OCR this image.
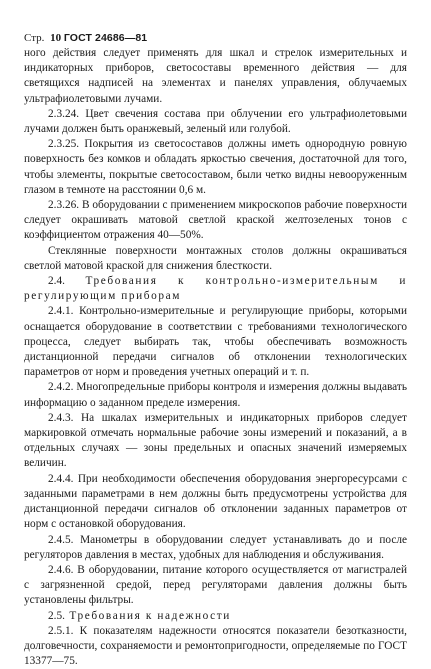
Стр. 10 ГОСТ 24686—81

ного действия следует применять для шкал и стрелок измерительных и индикаторных приборов, светосоставы временного действия — для светящихся надписей на элементах и панелях управления, облучаемых ультрафиолетовыми лучами.

2.3.24. Цвет свечения состава при облучении его ультрафиолетовыми лучами должен быть оранжевый, зеленый или голубой.

2.3.25. Покрытия из светосоставов должны иметь однородную ровную поверхность без комков и обладать яркостью свечения, достаточной для того, чтобы элементы, покрытые светосоставом, были четко видны невооруженным глазом в темноте на расстоянии 0,6 м.

2.3.26. В оборудовании с применением микроскопов рабочие поверхности следует окрашивать матовой светлой краской желтозеленых тонов с коэффициентом отражения 40—50%.

Стеклянные поверхности монтажных столов должны окрашиваться светлой матовой краской для снижения блесткости.

2.4. Требования к контрольно-измерительным и регулирующим приборам

2.4.1. Контрольно-измерительные и регулирующие приборы, которыми оснащается оборудование в соответствии с требованиями технологического процесса, следует выбирать так, чтобы обеспечивать возможность дистанционной передачи сигналов об отклонении технологических параметров от норм и проведения учетных операций и т. п.

2.4.2. Многопредельные приборы контроля и измерения должны выдавать информацию о заданном пределе измерения.

2.4.3. На шкалах измерительных и индикаторных приборов следует маркировкой отмечать нормальные рабочие зоны измерений и показаний, а в отдельных случаях — зоны предельных и опасных значений измеряемых величин.

2.4.4. При необходимости обеспечения оборудования энергоресурсами с заданными параметрами в нем должны быть предусмотрены устройства для дистанционной передачи сигналов об отклонении заданных параметров от норм с остановкой оборудования.

2.4.5. Манометры в оборудовании следует устанавливать до и после регуляторов давления в местах, удобных для наблюдения и обслуживания.

2.4.6. В оборудовании, питание которого осуществляется от магистралей с загрязненной средой, перед регуляторами давления должны быть установлены фильтры.

2.5. Требования к надежности

2.5.1. К показателям надежности относятся показатели безотказности, долговечности, сохраняемости и ремонтопригодности, определяемые по ГОСТ 13377—75.
